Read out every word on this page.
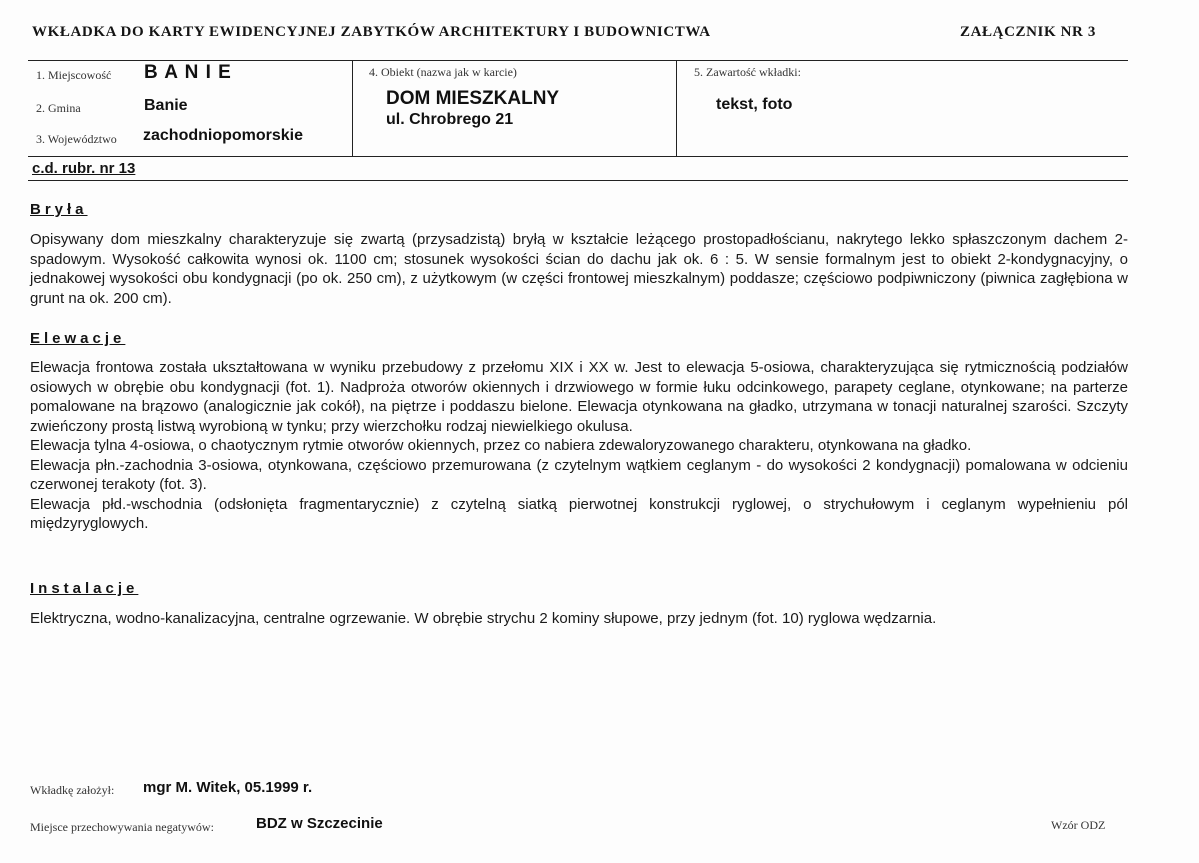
WKŁADKA DO KARTY EWIDENCYJNEJ ZABYTKÓW ARCHITEKTURY I BUDOWNICTWA	ZAŁĄCZNIK NR 3
1. Miejscowość B A N I E
2. Gmina	Banie
3. Województwo zachodniopomorskie
4. Obiekt (nazwa jak w karcie)
DOM MIESZKALNY
ul. Chrobrego 21
5. Zawartość wkładki:
tekst, foto
c.d. rubr. nr 13
Bryła

Opisywany dom mieszkalny charakteryzuje się zwartą (przysadzistą) bryłą w kształcie leżącego prostopadłościanu, nakrytego lekko spłaszczonym dachem 2-spadowym. Wysokość całkowita wynosi ok. 1100 cm; stosunek wysokości ścian do dachu jak ok. 6 : 5. W sensie formalnym jest to obiekt 2-kondygnacyjny, o jednakowej wysokości obu kondygnacji (po ok. 250 cm), z użytkowym (w części frontowej mieszkalnym) poddasze; częściowo podpiwniczony (piwnica zagłębiona w grunt na ok. 200 cm).

Elewacje

Elewacja frontowa została ukształtowana w wyniku przebudowy z przełomu XIX i XX w. Jest to elewacja 5-osiowa, charakteryzująca się rytmicznością podziałów osiowych w obrębie obu kondygnacji (fot. 1). Nadproża otworów okiennych i drzwiowego w formie łuku odcinkowego, parapety ceglane, otynkowane; na parterze pomalowane na brązowo (analogicznie jak cokół), na piętrze i poddaszu bielone. Elewacja otynkowana na gładko, utrzymana w tonacji naturalnej szarości. Szczyty zwieńczony prostą listwą wyrobioną w tynku; przy wierzchołku rodzaj niewielkiego okulusa.

Elewacja tylna 4-osiowa, o chaotycznym rytmie otworów okiennych, przez co nabiera zdewaloryzowanego charakteru, otynkowana na gładko.

Elewacja płn.-zachodnia 3-osiowa, otynkowana, częściowo przemurowana (z czytelnym wątkiem ceglanym - do wysokości 2 kondygnacji) pomalowana w odcieniu czerwonej terakoty (fot. 3).

Elewacja płd.-wschodnia (odsłonięta fragmentarycznie) z czytelną siatką pierwotnej konstrukcji ryglowej, o strychułowym i ceglanym wypełnieniu pól międzyryglowych.

Instalacje

Elektryczna, wodno-kanalizacyjna, centralne ogrzewanie. W obrębie strychu 2 kominy słupowe, przy jednym (fot. 10) ryglowa wędzarnia.

Wkładkę założył: mgr M. Witek, 05.1999 r.
Miejsce przechowywania negatywów:	BDZ w Szczecinie	Wzór ODZ
